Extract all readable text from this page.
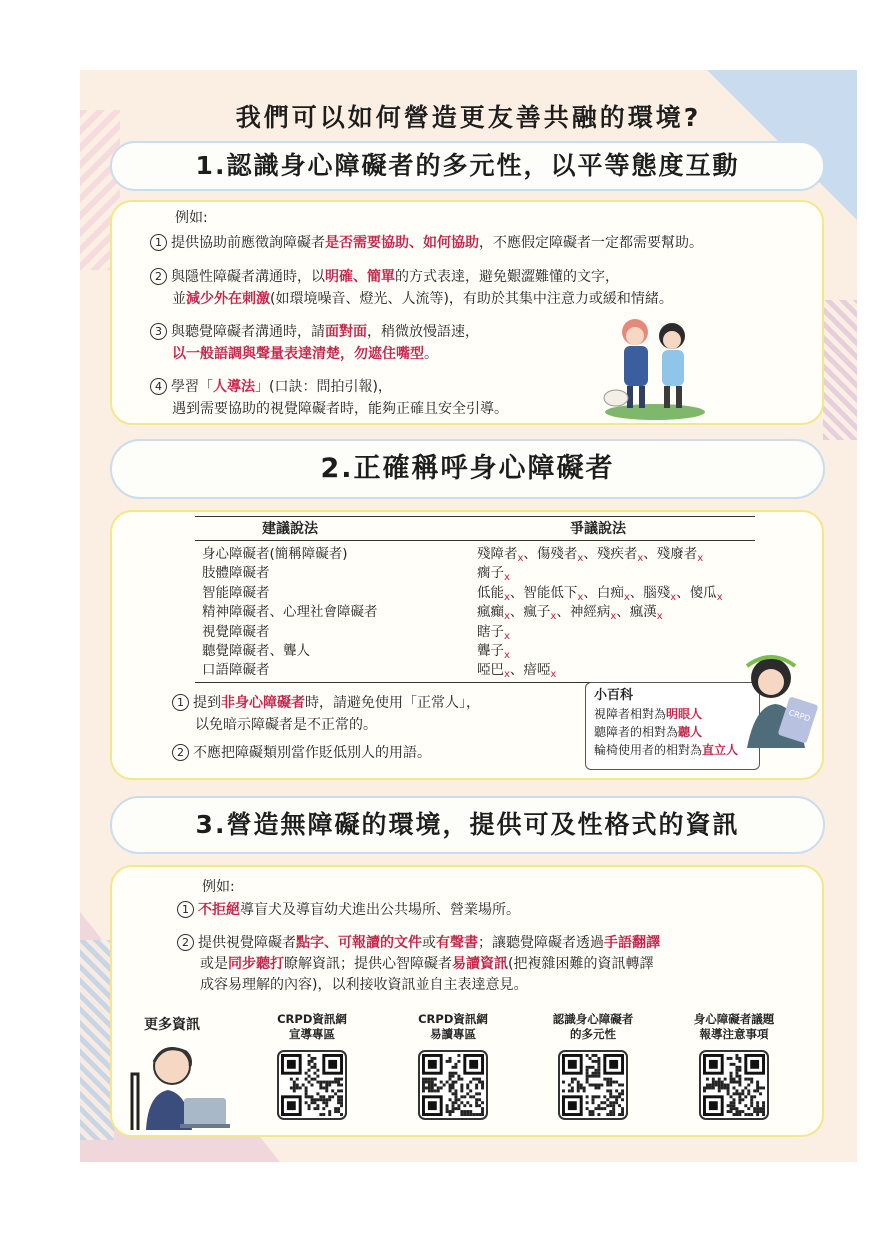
我們可以如何營造更友善共融的環境?
1.認識身心障礙者的多元性，以平等態度互動
例如:
1 提供協助前應徵詢障礙者是否需要協助、如何協助，不應假定障礙者一定都需要幫助。
2 與隱性障礙者溝通時，以明確、簡單的方式表達，避免艱澀難懂的文字，
並減少外在刺激(如環境噪音、燈光、人流等)，有助於其集中注意力或緩和情緒。
3 與聽覺障礙者溝通時，請面對面，稍微放慢語速，
以一般語調與聲量表達清楚，勿遮住嘴型。
4 學習「人導法」(口訣：問拍引報)，
遇到需要協助的視覺障礙者時，能夠正確且安全引導。
2.正確稱呼身心障礙者
建議說法	爭議說法
身心障礙者(簡稱障礙者)	殘障者$_x$、傷殘者$_x$、殘疾者$_x$、殘廢者$_x$
肢體障礙者	瘸子$_x$
智能障礙者	低能$_x$、智能低下$_x$、白痴$_x$、腦殘$_x$、傻瓜$_x$
精神障礙者、心理社會障礙者	瘋癲$_x$、瘋子$_x$、神經病$_x$、瘋漢$_x$
視覺障礙者	瞎子$_x$
聽覺障礙者、聾人	聾子$_x$
口語障礙者	啞巴$_x$、瘖啞$_x$
1 提到非身心障礙者時，請避免使用「正常人」，
以免暗示障礙者是不正常的。
2 不應把障礙類別當作貶低別人的用語。
小百科
視障者相對為明眼人
聽障者的相對為聽人
輪椅使用者的相對為直立人
CRPD
3.營造無障礙的環境，提供可及性格式的資訊
例如:
1 不拒絕導盲犬及導盲幼犬進出公共場所、營業場所。
2 提供視覺障礙者點字、可報讀的文件或有聲書；讓聽覺障礙者透過手語翻譯
或是同步聽打瞭解資訊；提供心智障礙者易讀資訊(把複雜困難的資訊轉譯
成容易理解的內容)，以利接收資訊並自主表達意見。
更多資訊	CRPD資訊網
宣導專區
CRPD資訊網
易讀專區
認識身心障礙者
的多元性
身心障礙者議題
報導注意事項
